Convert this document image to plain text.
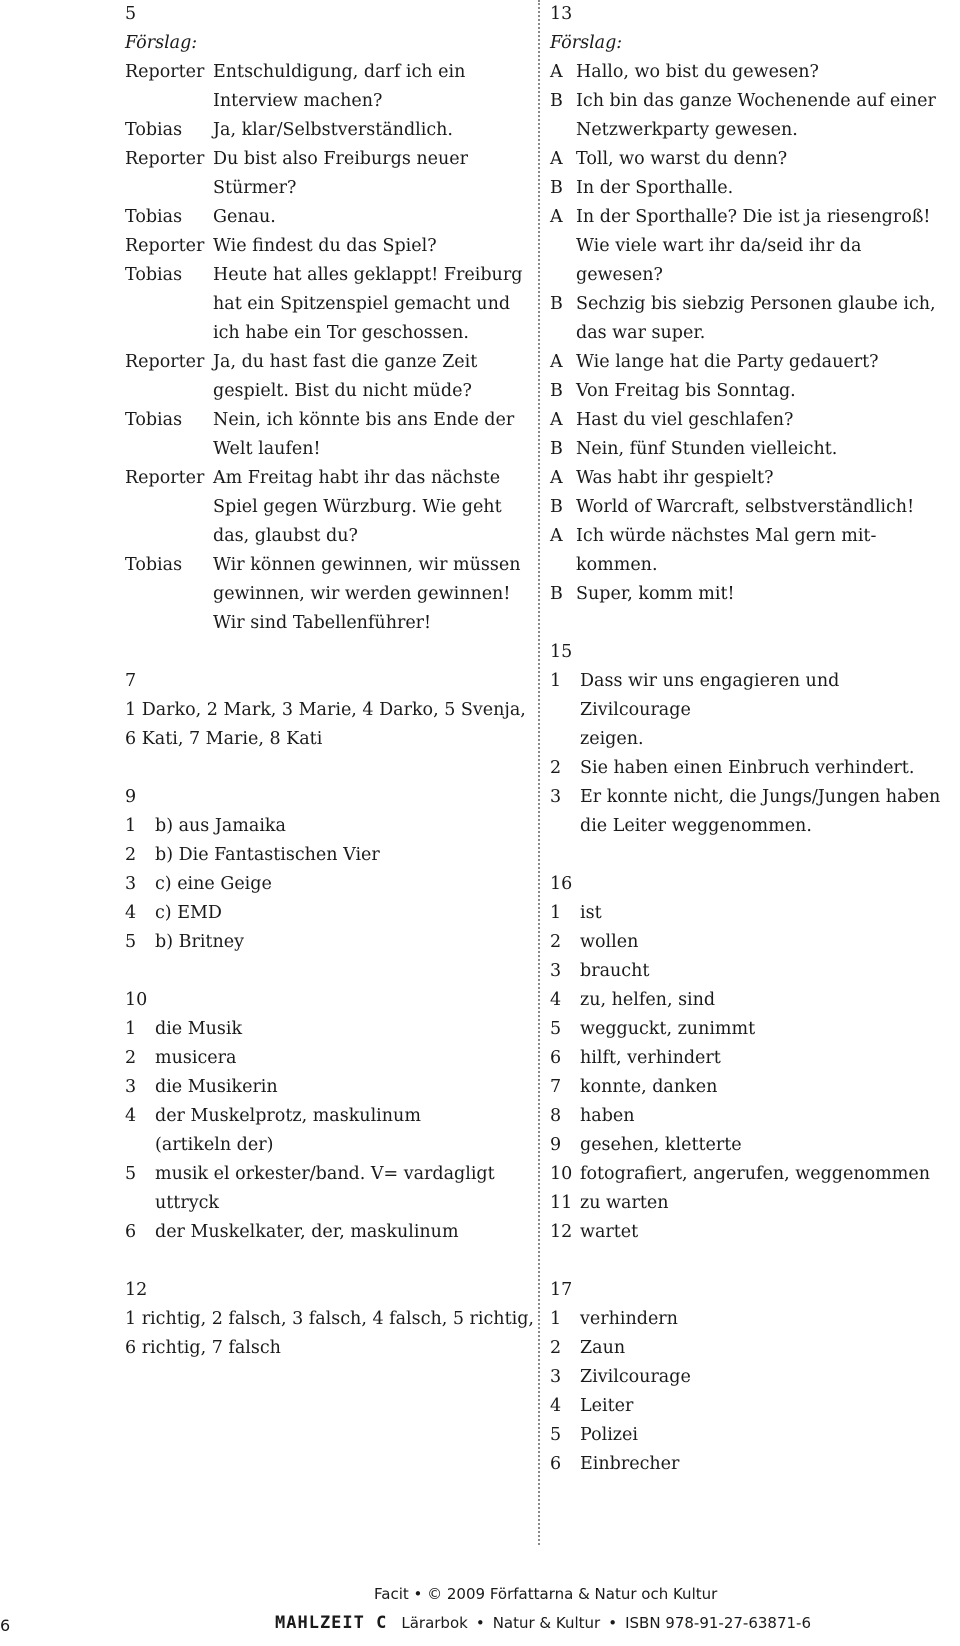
5
Förslag:
Reporter Entschuldigung, darf ich ein
Interview machen?
Tobias	Ja, klar/Selbstverständlich.
Reporter Du bist also Freiburgs neuer
Stürmer?
Tobias	Genau.
Reporter Wie findest du das Spiel?
Tobias	Heute hat alles geklappt! Freiburg
hat ein Spitzenspiel gemacht und
ich habe ein Tor geschossen.
Reporter Ja, du hast fast die ganze Zeit
gespielt. Bist du nicht müde?
Tobias	Nein, ich könnte bis ans Ende der
Welt laufen!
Reporter Am Freitag habt ihr das nächste
Spiel gegen Würzburg. Wie geht
das, glaubst du?
Tobias	Wir können gewinnen, wir müssen
gewinnen, wir werden gewinnen!
Wir sind Tabellenführer!
7
1 Darko, 2 Mark, 3 Marie, 4 Darko, 5 Svenja,
6 Kati, 7 Marie, 8 Kati
9
1	b) aus Jamaika
2	b) Die Fantastischen Vier
3	c) eine Geige
4	c) EMD
5	b) Britney
10
1	die Musik
2	musicera
3	die Musikerin
4	der Muskelprotz, maskulinum
(artikeln der)
5	musik el orkester/band. V= vardagligt
uttryck
6	der Muskelkater, der, maskulinum
12
1 richtig, 2 falsch, 3 falsch, 4 falsch, 5 richtig,
6 richtig, 7 falsch
13
Förslag:
A Hallo, wo bist du gewesen?
B Ich bin das ganze Wochenende auf einer
Netzwerkparty gewesen.
A Toll, wo warst du denn?
B In der Sporthalle.
A In der Sporthalle? Die ist ja riesengroß!
Wie viele wart ihr da/seid ihr da
gewesen?
B Sechzig bis siebzig Personen glaube ich,
das war super.
A Wie lange hat die Party gedauert?
B Von Freitag bis Sonntag.
A Hast du viel geschlafen?
B Nein, fünf Stunden vielleicht.
A Was habt ihr gespielt?
B World of Warcraft, selbstverständlich!
A Ich würde nächstes Mal gern mit-
kommen.
B Super, komm mit!
15
1	Dass wir uns engagieren und Zivilcourage
zeigen.
2	Sie haben einen Einbruch verhindert.
3	Er konnte nicht, die Jungs/Jungen haben
die Leiter weggenommen.
16
1	ist
2	wollen
3	braucht
4	zu, helfen, sind
5	wegguckt, zunimmt
6	hilft, verhindert
7	konnte, danken
8	haben
9	gesehen, kletterte
10 fotografiert, angerufen, weggenommen
11 zu warten
12 wartet
17
1	verhindern
2	Zaun
3	Zivilcourage
4	Leiter
5	Polizei
6	Einbrecher
6
Facit • © 2009 Författarna & Natur och Kultur
MAHLZEIT C Lärarbok • Natur & Kultur • ISBN 978-91-27-63871-6
